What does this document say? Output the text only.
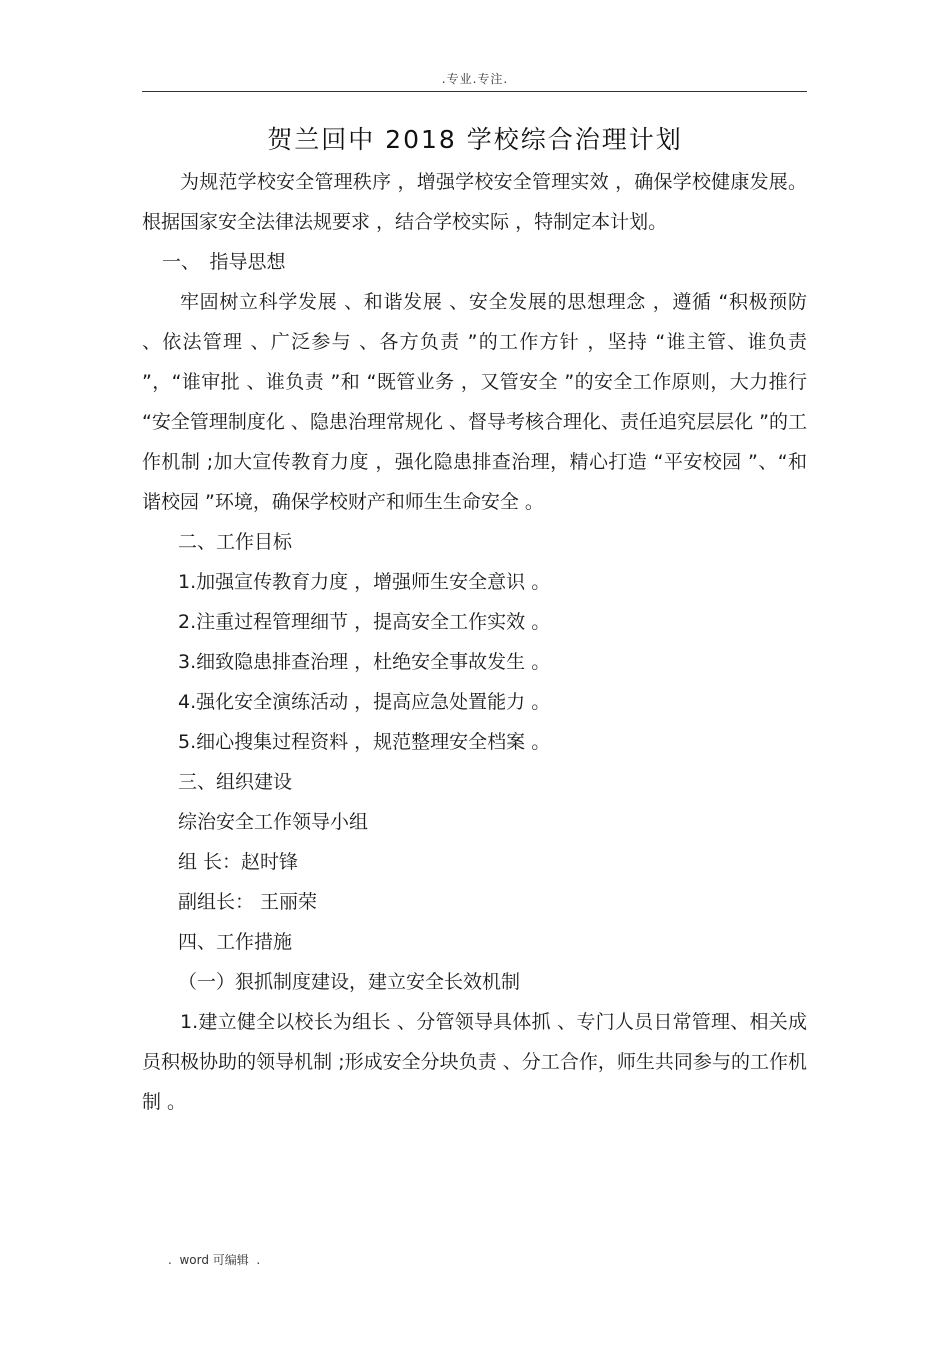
.专业.专注.
贺兰回中 2018 学校综合治理计划

为规范学校安全管理秩序 ，增强学校安全管理实效 ，确保学校健康发展。根据国家安全法律法规要求 ，结合学校实际 ，特制定本计划。

一、　指导思想

牢固树立科学发展 、和谐发展 、安全发展的思想理念 ，遵循 “积极预防 、依法管理 、广泛参与 、各方负责 ”的工作方针 ，坚持 “谁主管、谁负责 ”，“谁审批 、谁负责 ”和 “既管业务 ，又管安全 ”的安全工作原则，大力推行 “安全管理制度化 、隐患治理常规化 、督导考核合理化、责任追究层层化 ”的工作机制 ;加大宣传教育力度 ，强化隐患排查治理，精心打造 “平安校园 ”、“和谐校园 ”环境，确保学校财产和师生生命安全 。

二、工作目标

1.加强宣传教育力度 ，增强师生安全意识 。

2.注重过程管理细节 ，提高安全工作实效 。

3.细致隐患排查治理 ，杜绝安全事故发生 。

4.强化安全演练活动 ，提高应急处置能力 。

5.细心搜集过程资料 ，规范整理安全档案 。

三、组织建设

综治安全工作领导小组

组 长：赵时锋

副组长： 王丽荣

四、工作措施

（一）狠抓制度建设，建立安全长效机制

1.建立健全以校长为组长 、分管领导具体抓 、专门人员日常管理、相关成员积极协助的领导机制 ;形成安全分块负责 、分工合作，师生共同参与的工作机制 。

.  word 可编辑  .
